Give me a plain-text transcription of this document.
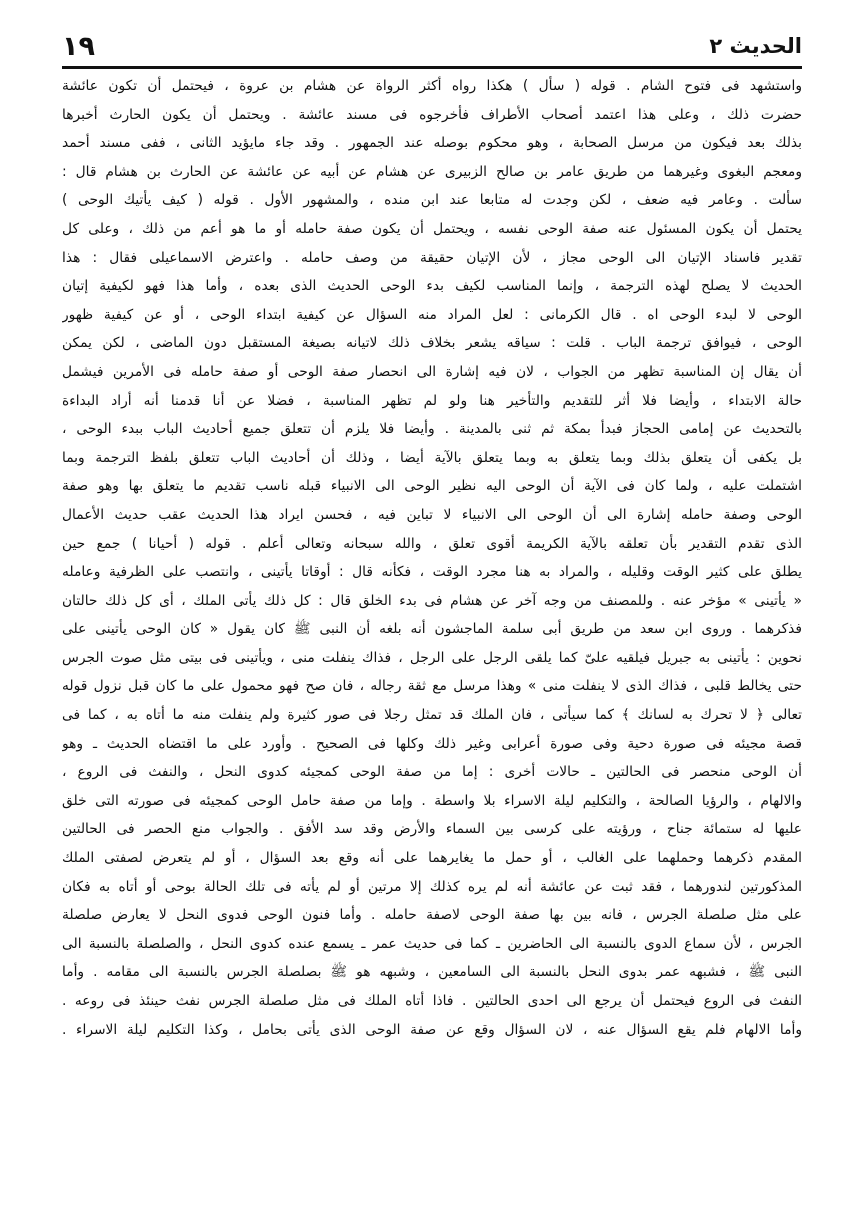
الحديث ٢
١٩
واستشهد فى فتوح الشام . قوله ( سأل ) هكذا رواه أكثر الرواة عن هشام بن عروة ، فيحتمل أن تكون عائشة
حضرت ذلك ، وعلى هذا اعتمد أصحاب الأطراف فأخرجوه فى مسند عائشة . ويحتمل أن يكون الحارث أخبرها
بذلك بعد فيكون من مرسل الصحابة ، وهو محكوم بوصله عند الجمهور . وقد جاء مايؤيد الثانى ، ففى مسند أحمد
ومعجم البغوى وغيرهما من طريق عامر بن صالح الزبيرى عن هشام عن أبيه عن عائشة عن الحارث بن هشام قال :
سألت . وعامر فيه ضعف ، لكن وجدت له متابعا عند ابن منده ، والمشهور الأول . قوله ( كيف يأتيك الوحى )
يحتمل أن يكون المسئول عنه صفة الوحى نفسه ، ويحتمل أن يكون صفة حامله أو ما هو أعم من ذلك ، وعلى كل
تقدير فاسناد الإتيان الى الوحى مجاز ، لأن الإتيان حقيقة من وصف حامله . واعترض الاسماعيلى فقال : هذا
الحديث لا يصلح لهذه الترجمة ، وإنما المناسب لكيف بدء الوحى الحديث الذى بعده ، وأما هذا فهو لكيفية إتيان
الوحى لا لبدء الوحى اه . قال الكرمانى : لعل المراد منه السؤال عن كيفية ابتداء الوحى ، أو عن كيفية ظهور
الوحى ، فيوافق ترجمة الباب . قلت : سياقه يشعر بخلاف ذلك لاتيانه بصيغة المستقبل دون الماضى ، لكن يمكن
أن يقال إن المناسبة تظهر من الجواب ، لان فيه إشارة الى انحصار صفة الوحى أو صفة حامله فى الأمرين فيشمل
حالة الابتداء ، وأيضا فلا أثر للتقديم والتأخير هنا ولو لم تظهر المناسبة ، فضلا عن أنا قدمنا أنه أراد البداءة
بالتحديث عن إمامى الحجاز فبدأ بمكة ثم ثنى بالمدينة . وأيضا فلا يلزم أن تتعلق جميع أحاديث الباب ببدء الوحى ،
بل يكفى أن يتعلق بذلك وبما يتعلق به وبما يتعلق بالآية أيضا ، وذلك أن أحاديث الباب تتعلق بلفظ الترجمة وبما
اشتملت عليه ، ولما كان فى الآية أن الوحى اليه نظير الوحى الى الانبياء قبله ناسب تقديم ما يتعلق بها وهو صفة
الوحى وصفة حامله إشارة الى أن الوحى الى الانبياء لا تباين فيه ، فحسن ايراد هذا الحديث عقب حديث الأعمال
الذى تقدم التقدير بأن تعلقه بالآية الكريمة أقوى تعلق ، والله سبحانه وتعالى أعلم . قوله ( أحيانا ) جمع حين
يطلق على كثير الوقت وقليله ، والمراد به هنا مجرد الوقت ، فكأنه قال : أوقاتا يأتينى ، وانتصب على الظرفية وعامله
« يأتينى » مؤخر عنه . وللمصنف من وجه آخر عن هشام فى بدء الخلق قال : كل ذلك يأتى الملك ، أى كل ذلك حالتان
فذكرهما . وروى ابن سعد من طريق أبى سلمة الماجشون أنه بلغه أن النبى ﷺ كان يقول « كان الوحى يأتينى على
نحوين : يأتينى به جبريل فيلقيه علىّ كما يلقى الرجل على الرجل ، فذاك ينفلت منى ، ويأتينى فى بيتى مثل صوت الجرس
حتى يخالط قلبى ، فذاك الذى لا ينفلت منى » وهذا مرسل مع ثقة رجاله ، فان صح فهو محمول على ما كان قبل نزول قوله
تعالى ﴿ لا تحرك به لسانك ﴾ كما سيأتى ، فان الملك قد تمثل رجلا فى صور كثيرة ولم ينفلت منه ما أتاه به ، كما فى
قصة مجيئه فى صورة دحية وفى صورة أعرابى وغير ذلك وكلها فى الصحيح . وأورد على ما اقتضاه الحديث ـ وهو
أن الوحى منحصر فى الحالتين ـ حالات أخرى : إما من صفة الوحى كمجيئه كدوى النحل ، والنفث فى الروع ،
والالهام ، والرؤيا الصالحة ، والتكليم ليلة الاسراء بلا واسطة . وإما من صفة حامل الوحى كمجيئه فى صورته التى خلق
عليها له ستمائة جناح ، ورؤيته على كرسى بين السماء والأرض وقد سد الأفق . والجواب منع الحصر فى الحالتين
المقدم ذكرهما وحملهما على الغالب ، أو حمل ما يغايرهما على أنه وقع بعد السؤال ، أو لم يتعرض لصفتى الملك
المذكورتين لندورهما ، فقد ثبت عن عائشة أنه لم يره كذلك إلا مرتين أو لم يأته فى تلك الحالة بوحى أو أتاه به فكان
على مثل صلصلة الجرس ، فانه بين بها صفة الوحى لاصفة حامله . وأما فنون الوحى فدوى النحل لا يعارض صلصلة
الجرس ، لأن سماع الدوى بالنسبة الى الحاضرين ـ كما فى حديث عمر ـ يسمع عنده كدوى النحل ، والصلصلة بالنسبة الى
النبى ﷺ ، فشبهه عمر بدوى النحل بالنسبة الى السامعين ، وشبهه هو ﷺ بصلصلة الجرس بالنسبة الى مقامه . وأما
النفث فى الروع فيحتمل أن يرجع الى احدى الحالتين . فاذا أتاه الملك فى مثل صلصلة الجرس نفث حينئذ فى روعه .
وأما الالهام فلم يقع السؤال عنه ، لان السؤال وقع عن صفة الوحى الذى يأتى بحامل ، وكذا التكليم ليلة الاسراء .
